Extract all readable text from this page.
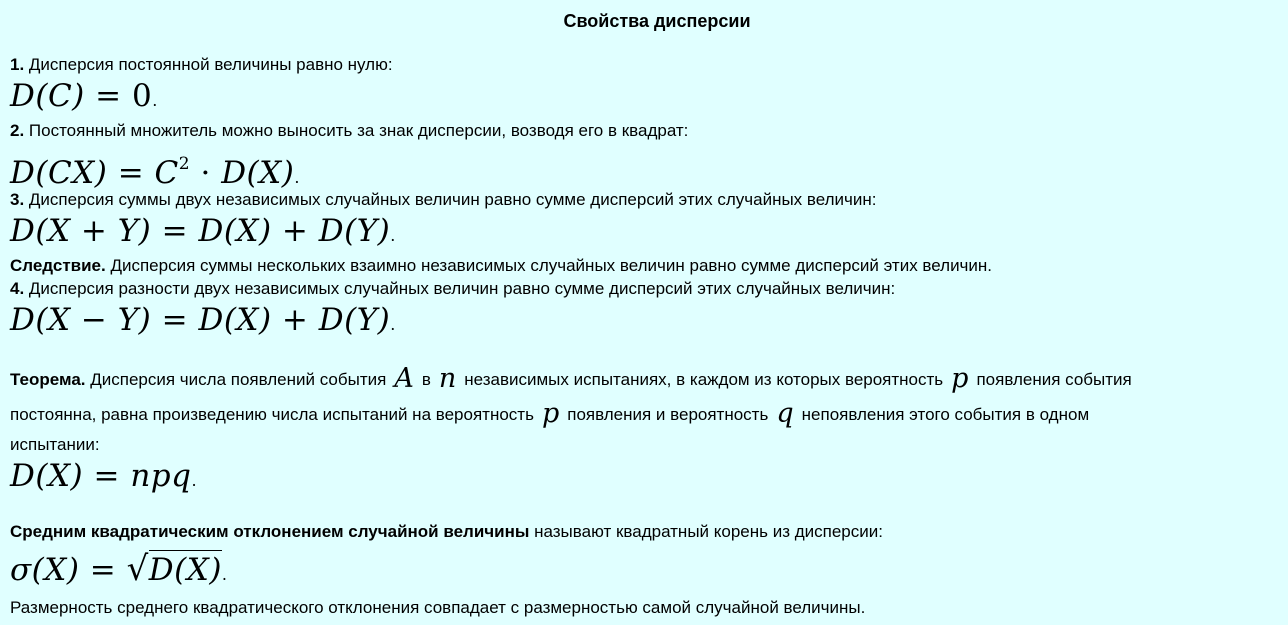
Свойства дисперсии
1. Дисперсия постоянной величины равно нулю:
D(C) = 0.
2. Постоянный множитель можно выносить за знак дисперсии, возводя его в квадрат:
$D(CX) = C^2 \cdot D(X)$.
3. Дисперсия суммы двух независимых случайных величин равно сумме дисперсий этих случайных величин:
D(X + Y) = D(X) + D(Y).
Следствие. Дисперсия суммы нескольких взаимно независимых случайных величин равно сумме дисперсий этих величин.
4. Дисперсия разности двух независимых случайных величин равно сумме дисперсий этих случайных величин:
D(X − Y) = D(X) + D(Y).
Теорема. Дисперсия числа появлений события A в n независимых испытаниях, в каждом из которых вероятность p появления события
постоянна, равна произведению числа испытаний на вероятность p появления и вероятность q непоявления этого события в одном
испытании:
D(X) = npq.
Средним квадратическим отклонением случайной величины называют квадратный корень из дисперсии:
σ(X) = √D(X).
Размерность среднего квадратического отклонения совпадает с размерностью самой случайной величины.
